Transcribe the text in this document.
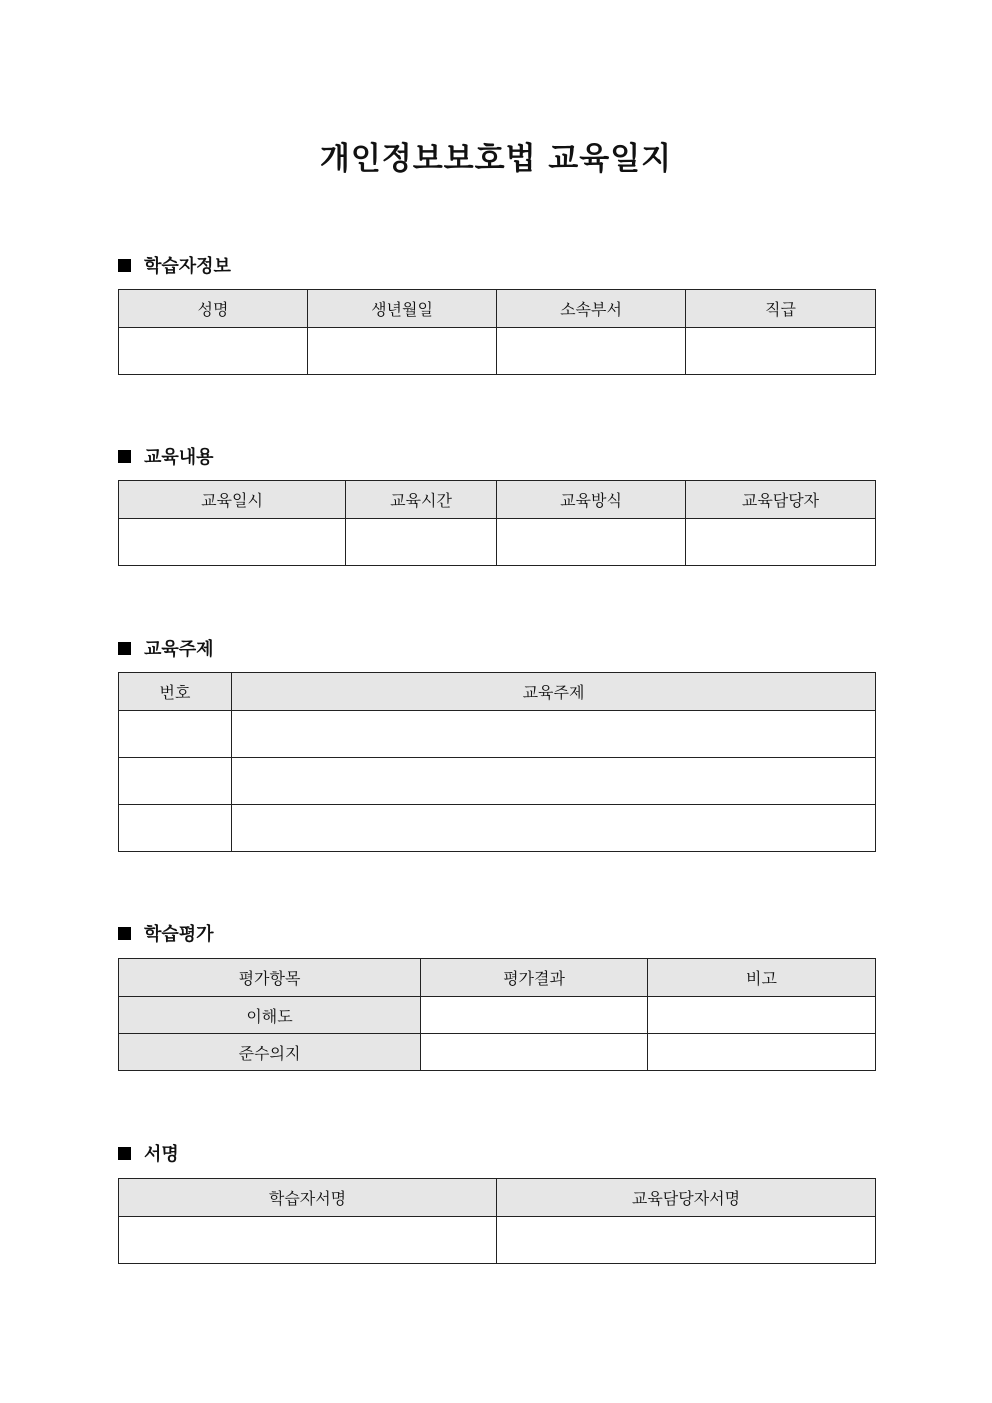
개인정보보호법 교육일지
학습자정보
성명	생년월일	소속부서	직급

교육내용
교육일시	교육시간	교육방식	교육담당자

교육주제
번호	교육주제

학습평가
평가항목	평가결과	비고
이해도		
준수의지		
서명
학습자서명	교육담당자서명
